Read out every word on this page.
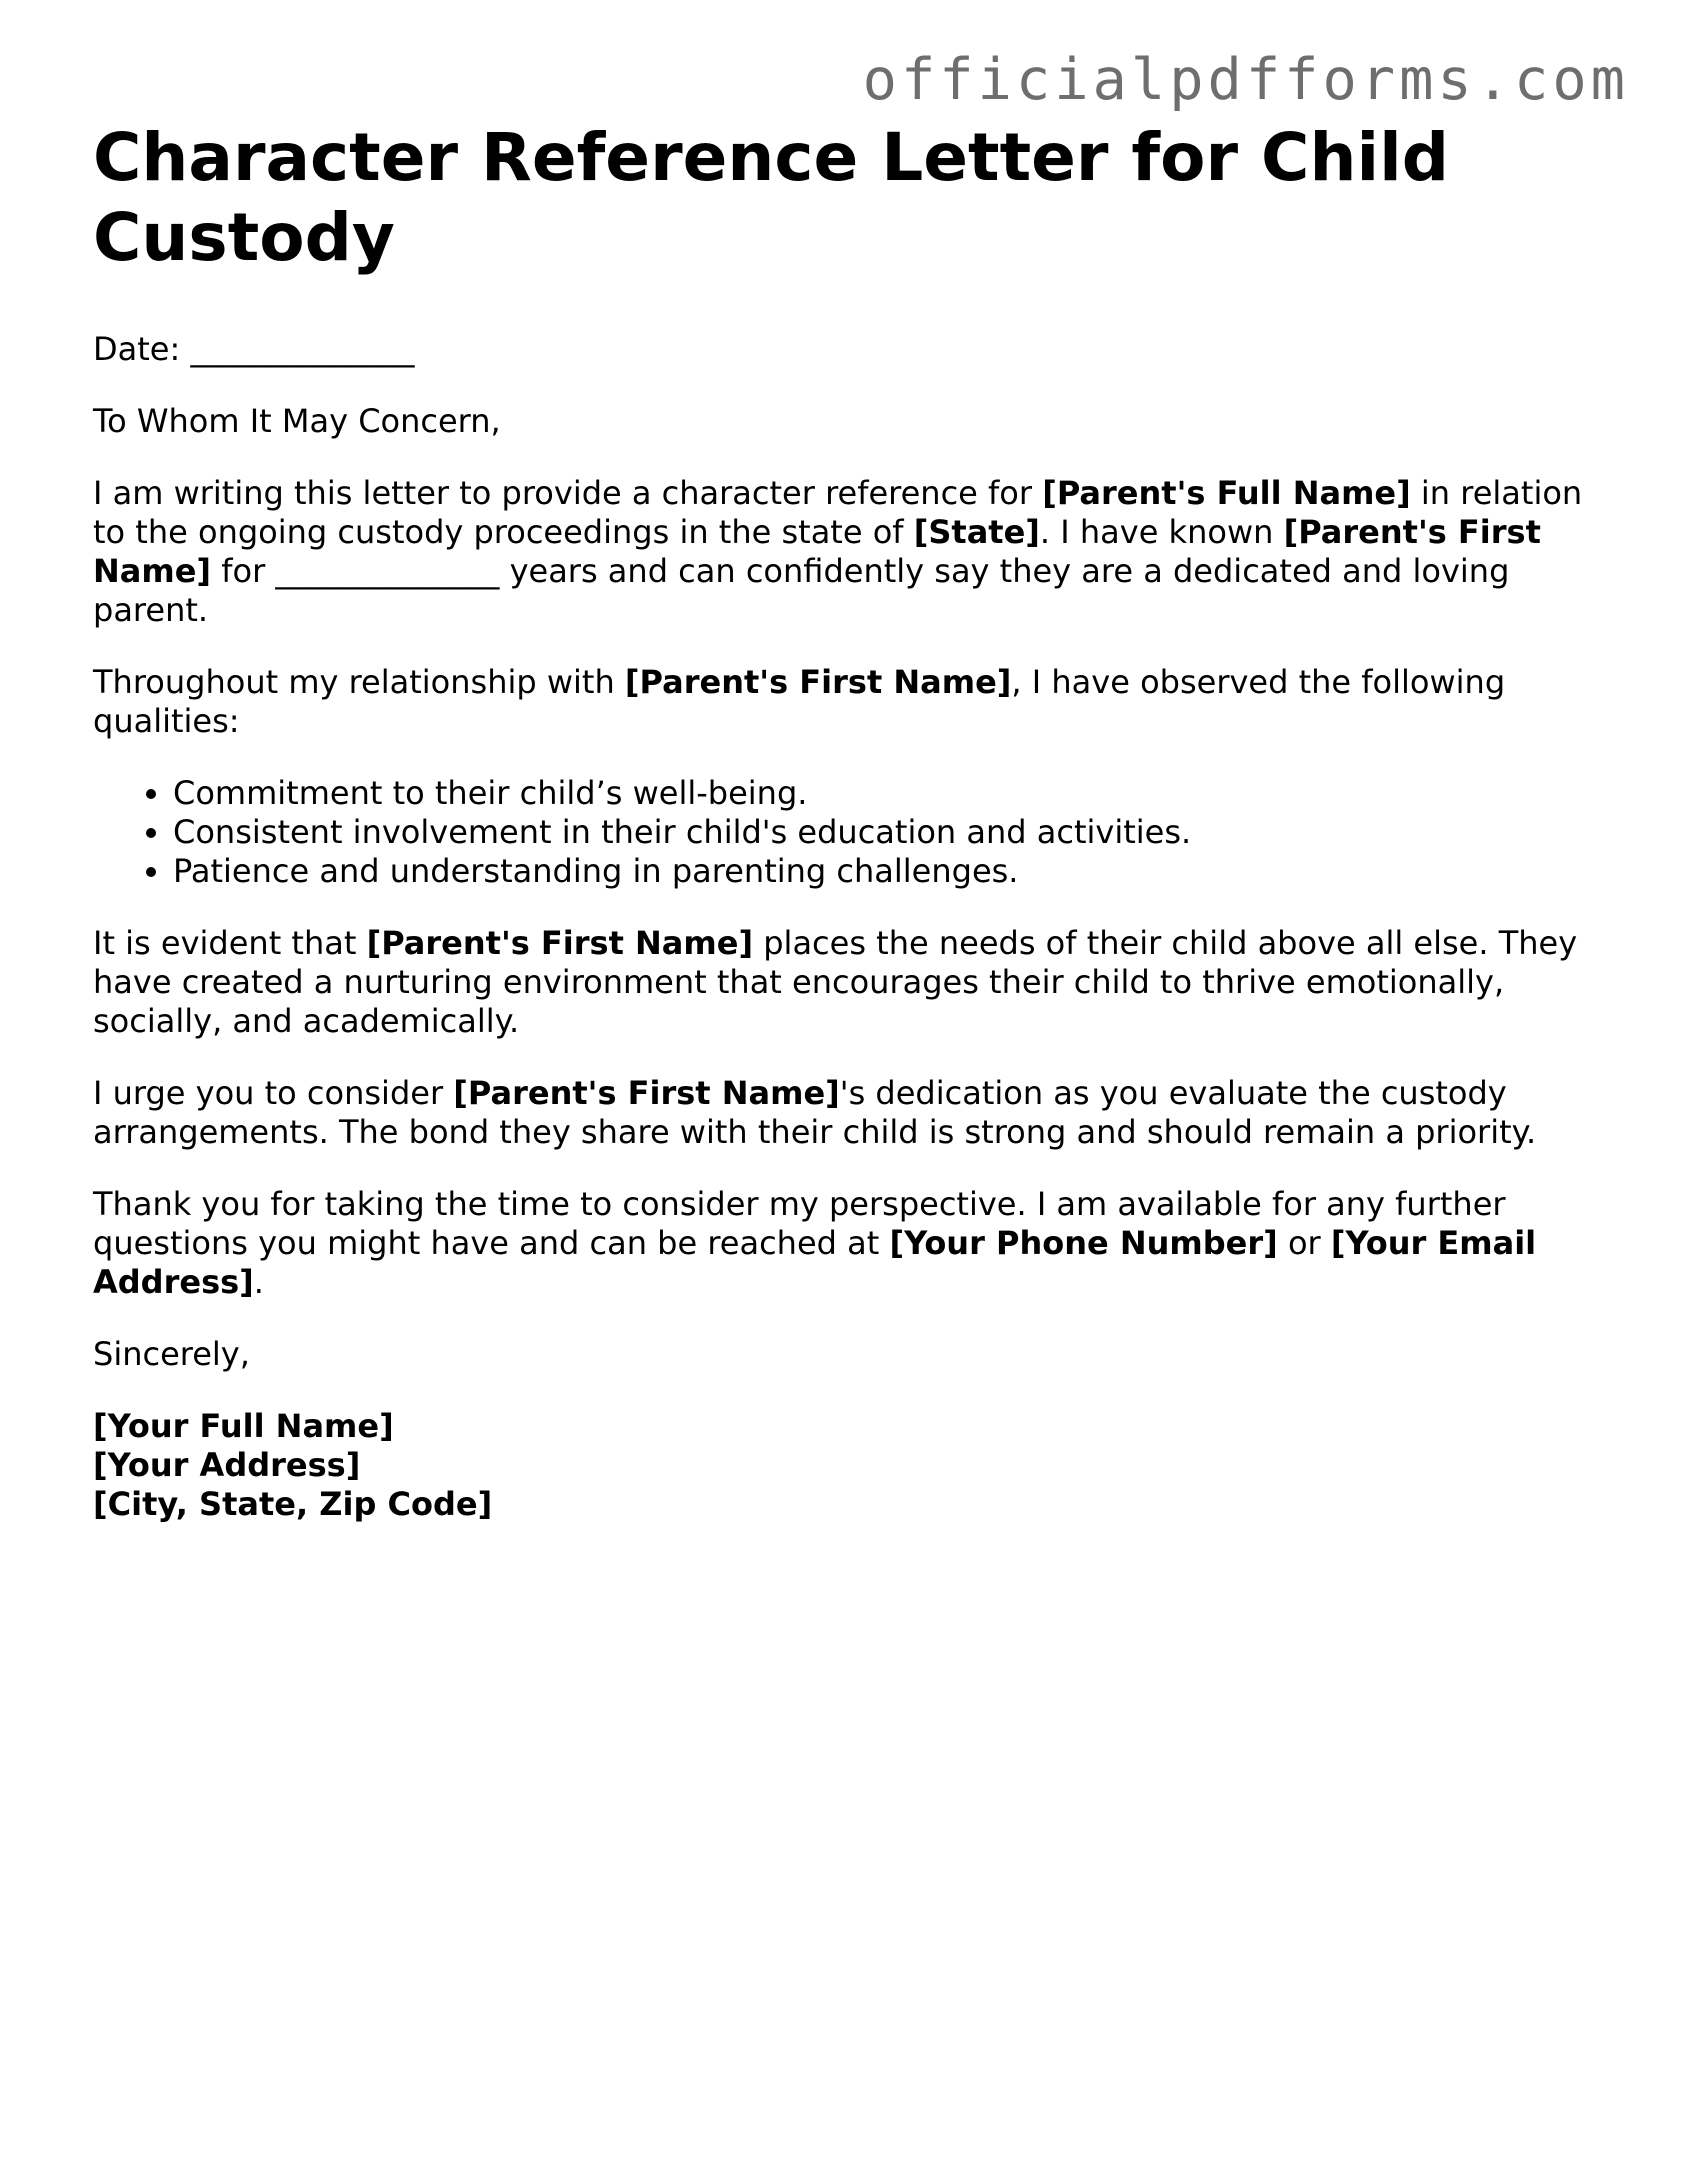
officialpdfforms.com
Character Reference Letter for Child Custody

Date: ______________

To Whom It May Concern,

I am writing this letter to provide a character reference for [Parent's Full Name] in relation to the ongoing custody proceedings in the state of [State]. I have known [Parent's First Name] for ______________ years and can confidently say they are a dedicated and loving parent.

Throughout my relationship with [Parent's First Name], I have observed the following qualities:

• Commitment to their child’s well-being.
• Consistent involvement in their child's education and activities.
• Patience and understanding in parenting challenges.

It is evident that [Parent's First Name] places the needs of their child above all else. They have created a nurturing environment that encourages their child to thrive emotionally, socially, and academically.

I urge you to consider [Parent's First Name]'s dedication as you evaluate the custody arrangements. The bond they share with their child is strong and should remain a priority.

Thank you for taking the time to consider my perspective. I am available for any further questions you might have and can be reached at [Your Phone Number] or [Your Email Address].

Sincerely,

[Your Full Name]
[Your Address]
[City, State, Zip Code]
